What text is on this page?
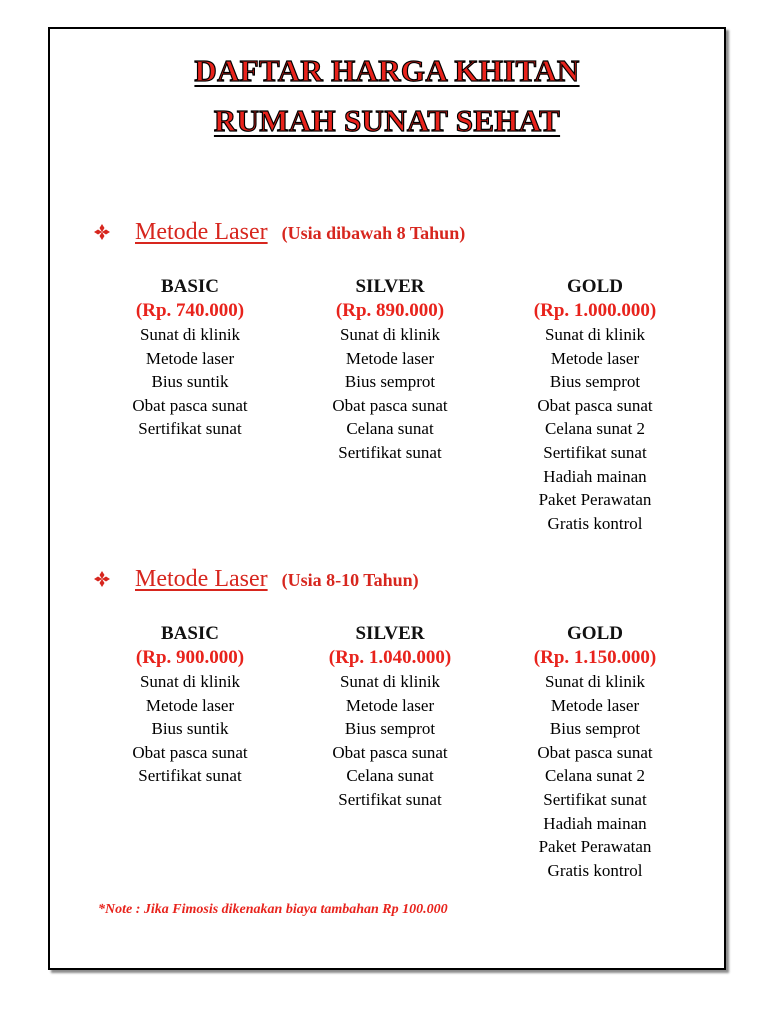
DAFTAR HARGA KHITAN
RUMAH SUNAT SEHAT
Metode Laser (Usia dibawah 8 Tahun)
BASIC
(Rp. 740.000)
Sunat di klinik
Metode laser
Bius suntik
Obat pasca sunat
Sertifikat sunat
SILVER
(Rp. 890.000)
Sunat di klinik
Metode laser
Bius semprot
Obat pasca sunat
Celana sunat
Sertifikat sunat
GOLD
(Rp. 1.000.000)
Sunat di klinik
Metode laser
Bius semprot
Obat pasca sunat
Celana sunat 2
Sertifikat sunat
Hadiah mainan
Paket Perawatan
Gratis kontrol
Metode Laser (Usia 8-10 Tahun)
BASIC
(Rp. 900.000)
Sunat di klinik
Metode laser
Bius suntik
Obat pasca sunat
Sertifikat sunat
SILVER
(Rp. 1.040.000)
Sunat di klinik
Metode laser
Bius semprot
Obat pasca sunat
Celana sunat
Sertifikat sunat
GOLD
(Rp. 1.150.000)
Sunat di klinik
Metode laser
Bius semprot
Obat pasca sunat
Celana sunat 2
Sertifikat sunat
Hadiah mainan
Paket Perawatan
Gratis kontrol
*Note : Jika Fimosis dikenakan biaya tambahan Rp 100.000
